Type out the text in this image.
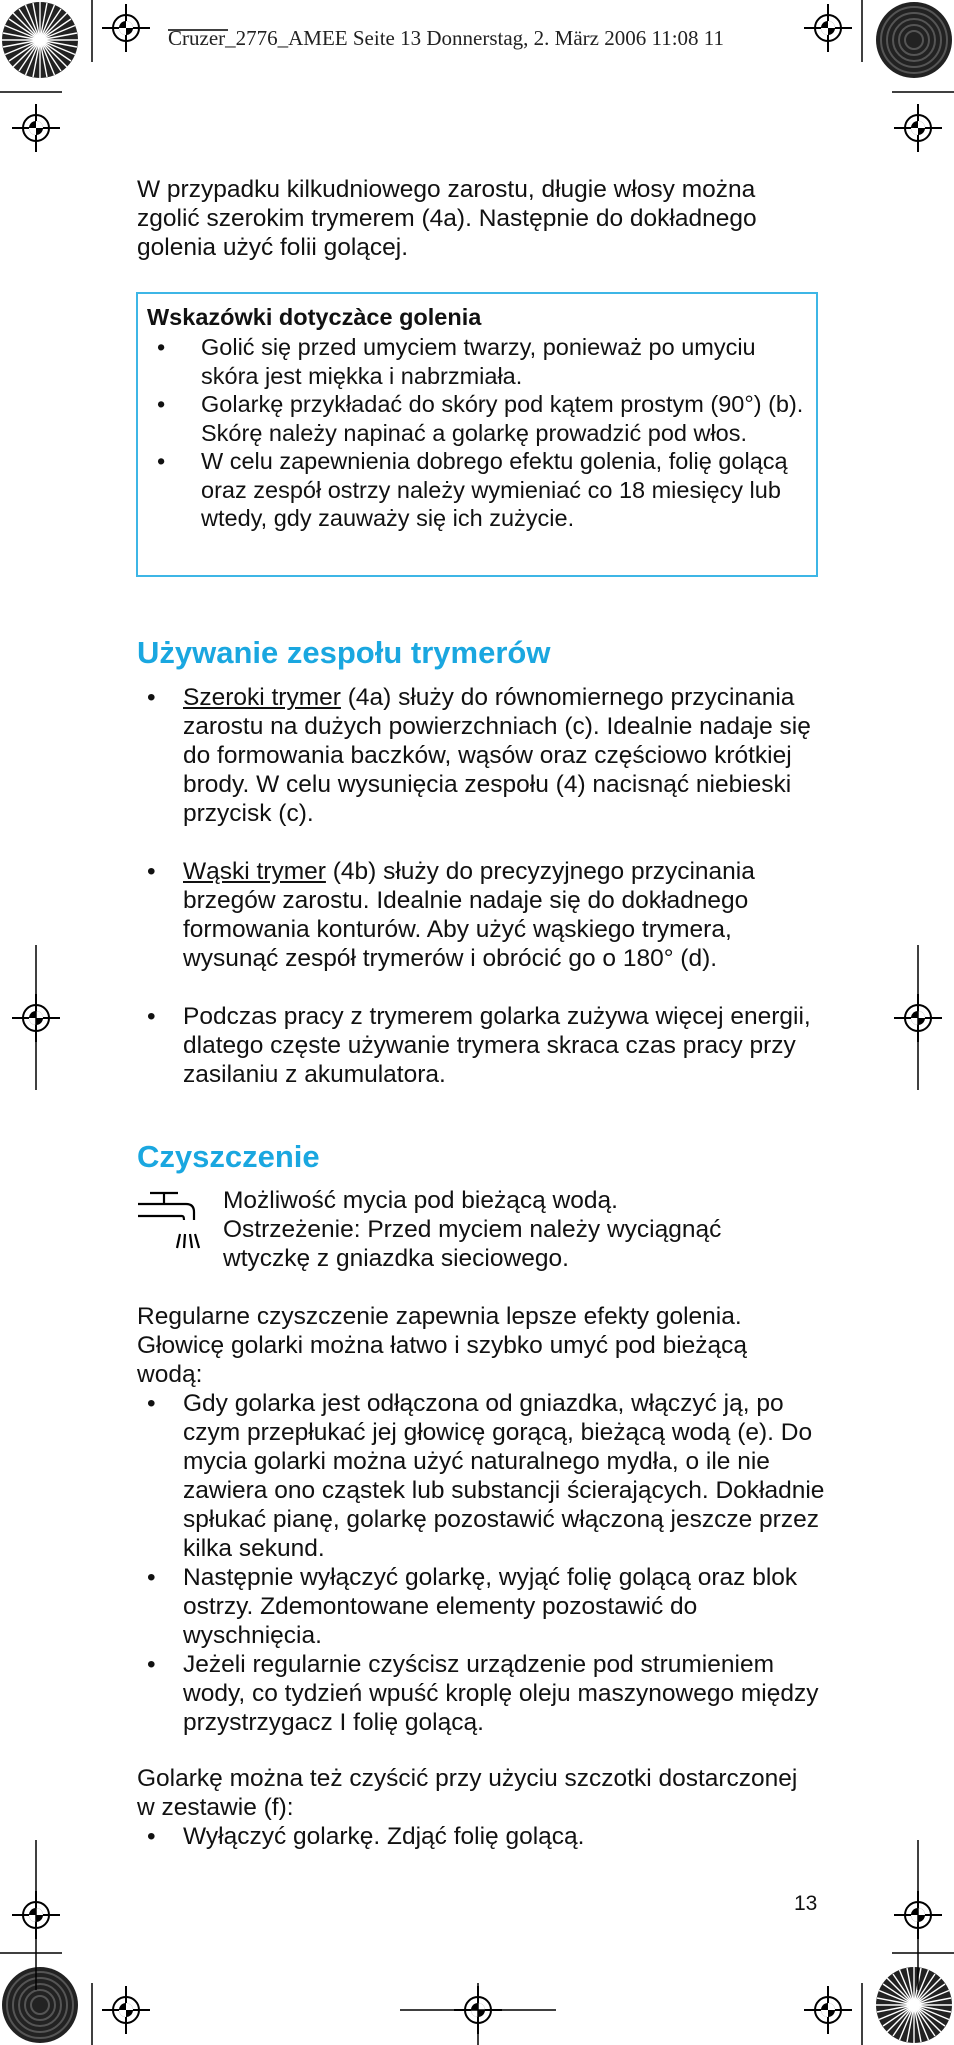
Cruzer_2776_AMEE Seite 13 Donnerstag, 2. März 2006 11:08 11
W przypadku kilkudniowego zarostu, długie włosy można zgolić szerokim trymerem (4a). Następnie do dokładnego golenia użyć folii golącej.
Wskazówki dotyczàce golenia
• Golić się przed umyciem twarzy, ponieważ po umyciu skóra jest miękka i nabrzmiała.
• Golarkę przykładać do skóry pod kątem prostym (90°) (b). Skórę należy napinać a golarkę prowadzić pod włos.
• W celu zapewnienia dobrego efektu golenia, folię golącą oraz zespół ostrzy należy wymieniać co 18 miesięcy lub wtedy, gdy zauważy się ich zużycie.
Używanie zespołu trymerów
• Szeroki trymer (4a) służy do równomiernego przycinania zarostu na dużych powierzchniach (c). Idealnie nadaje się do formowania baczków, wąsów oraz częściowo krótkiej brody. W celu wysunięcia zespołu (4) nacisnąć niebieski przycisk (c).
• Wąski trymer (4b) służy do precyzyjnego przycinania brzegów zarostu. Idealnie nadaje się do dokładnego formowania konturów. Aby użyć wąskiego trymera, wysunąć zespół trymerów i obrócić go o 180° (d).
• Podczas pracy z trymerem golarka zużywa więcej energii, dlatego częste używanie trymera skraca czas pracy przy zasilaniu z akumulatora.
Czyszczenie
Możliwość mycia pod bieżącą wodą.
Ostrzeżenie: Przed myciem należy wyciągnąć
wtyczkę z gniazdka sieciowego.
Regularne czyszczenie zapewnia lepsze efekty golenia. Głowicę golarki można łatwo i szybko umyć pod bieżącą wodą:
• Gdy golarka jest odłączona od gniazdka, włączyć ją, po czym przepłukać jej głowicę gorącą, bieżącą wodą (e). Do mycia golarki można użyć naturalnego mydła, o ile nie zawiera ono cząstek lub substancji ścierających. Dokładnie spłukać pianę, golarkę pozostawić włączoną jeszcze przez kilka sekund.
• Następnie wyłączyć golarkę, wyjąć folię golącą oraz blok ostrzy. Zdemontowane elementy pozostawić do wyschnięcia.
• Jeżeli regularnie czyścisz urządzenie pod strumieniem wody, co tydzień wpuść kroplę oleju maszynowego między przystrzygacz I folię golącą.
Golarkę można też czyścić przy użyciu szczotki dostarczonej w zestawie (f):
• Wyłączyć golarkę. Zdjąć folię golącą.
13
